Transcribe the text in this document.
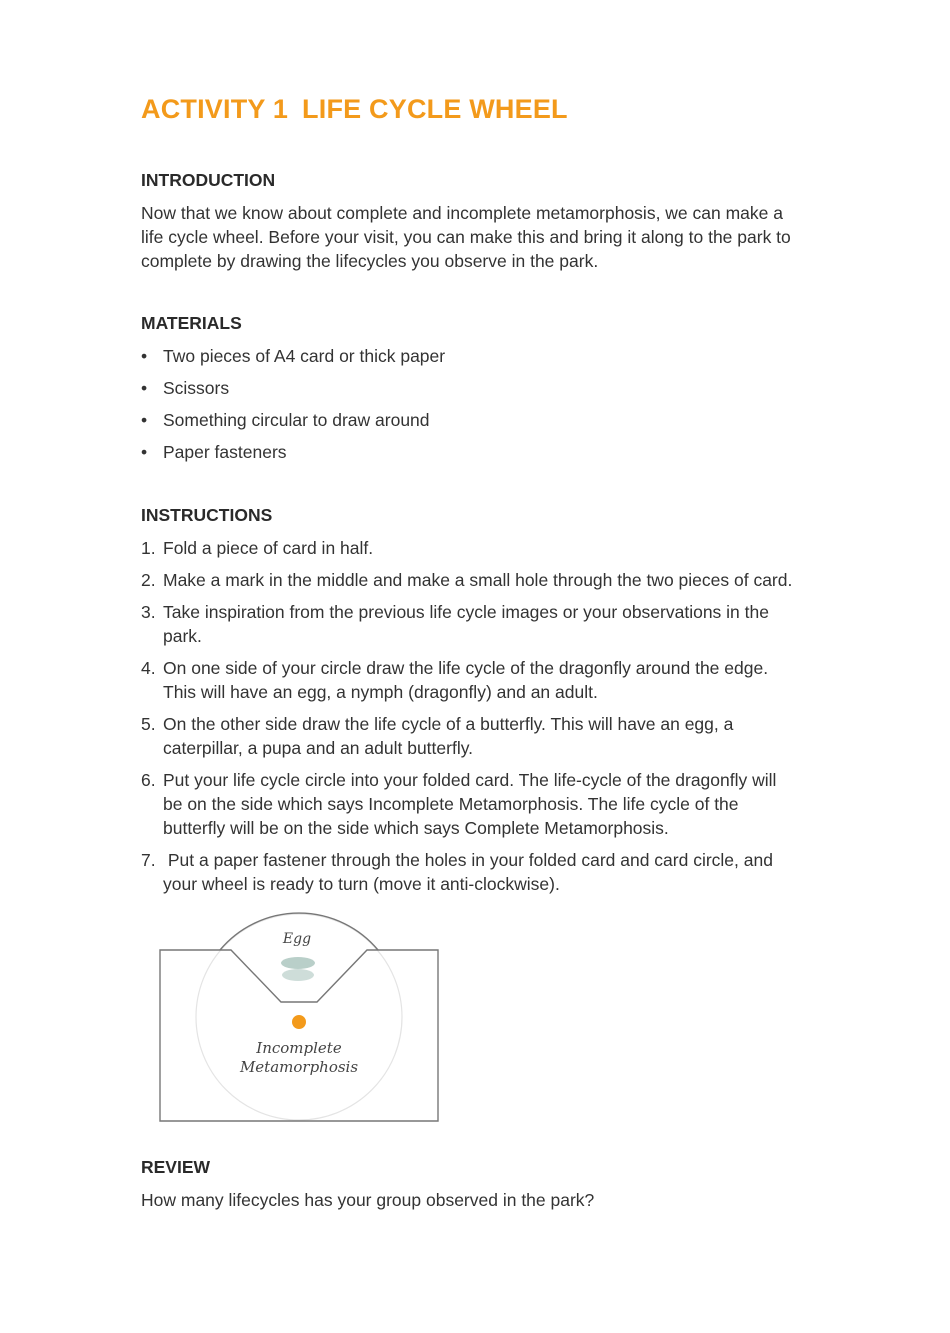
ACTIVITY 1 LIFE CYCLE WHEEL
INTRODUCTION
Now that we know about complete and incomplete metamorphosis, we can make a
life cycle wheel. Before your visit, you can make this and bring it along to the park to
complete by drawing the lifecycles you observe in the park.
MATERIALS
• Two pieces of A4 card or thick paper
• Scissors
• Something circular to draw around
• Paper fasteners
INSTRUCTIONS
1. Fold a piece of card in half.
2. Make a mark in the middle and make a small hole through the two pieces of card.
3. Take inspiration from the previous life cycle images or your observations in the
park.
4. On one side of your circle draw the life cycle of the dragonfly around the edge.
This will have an egg, a nymph (dragonfly) and an adult.
5. On the other side draw the life cycle of a butterfly. This will have an egg, a
caterpillar, a pupa and an adult butterfly.
6. Put your life cycle circle into your folded card. The life-cycle of the dragonfly will
be on the side which says Incomplete Metamorphosis. The life cycle of the
butterfly will be on the side which says Complete Metamorphosis.
7. Put a paper fastener through the holes in your folded card and card circle, and
your wheel is ready to turn (move it anti-clockwise).
Egg
Incomplete
Metamorphosis
REVIEW

How many lifecycles has your group observed in the park?
